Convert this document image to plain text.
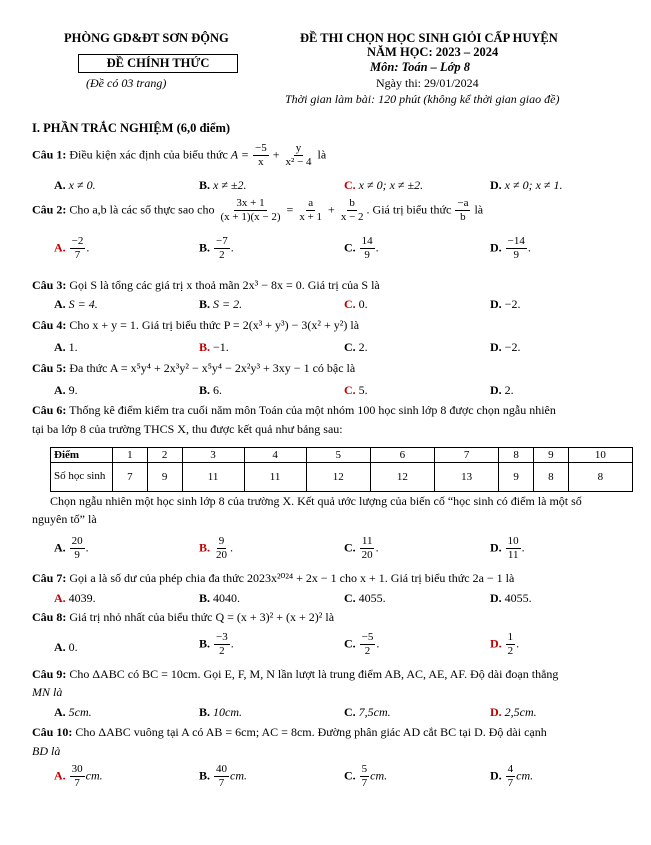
PHÒNG GD&ĐT SƠN ĐỘNG
ĐỀ CHÍNH THỨC
(Đề có 03 trang)
ĐỀ THI CHỌN HỌC SINH GIỎI CẤP HUYỆN
NĂM HỌC: 2023 – 2024
Môn: Toán – Lớp 8
Ngày thi: 29/01/2024
Thời gian làm bài: 120 phút (không kể thời gian giao đề)
I. PHẦN TRẮC NGHIỆM (6,0 điểm)
Câu 1: Điều kiện xác định của biểu thức $A = \frac{-5}{x} + \frac{y}{\text{x² − 4}}$ là
A. x ≠ 0.	B. x ≠ ±2.	C. x ≠ 0; x ≠ ±2.	D. x ≠ 0; x ≠ 1.
Câu 2: Cho a,b là các số thực sao cho $\frac{3x + 1}{(x + 1)(x - 2)} = \frac{a}{x + 1} + \frac{b}{x - 2}$ . Giá trị biểu thức $\frac{-a}{b}$ là
A. $\frac{-2}{7}$ .	B. $\frac{-7}{2}$ .	C. $\frac{14}{9}$ .	D. $\frac{-14}{9}$ .
Câu 3: Gọi S là tổng các giá trị x thoả mãn 2x³ − 8x = 0. Giá trị của S là
A. S = 4.	B. S = 2.	C. 0.	D. −2.
Câu 4: Cho x + y = 1. Giá trị biểu thức P = 2(x³ + y³) − 3(x² + y²) là
A. 1.	B. −1.	C. 2.	D. −2.
Câu 5: Đa thức A = x⁵y⁴ + 2x³y² − x⁵y⁴ − 2x²y³ + 3xy − 1 có bậc là
A. 9.	B. 6.	C. 5.	D. 2.
Câu 6: Thống kê điểm kiểm tra cuối năm môn Toán của một nhóm 100 học sinh lớp 8 được chọn ngẫu nhiên
tại ba lớp 8 của trường THCS X, thu được kết quả như bảng sau:
Điểm	1	2	3	4	5	6	7	8	9	10
Số học sinh	7	9	11	11	12	12	13	9	8	8
Chọn ngẫu nhiên một học sinh lớp 8 của trường X. Kết quả ước lượng của biến cố “học sinh có điểm là một số
nguyên tố” là
A. $\frac{20}{9}$ .	B. $\frac{9}{20}$ .	C. $\frac{11}{20}$ .	D. $\frac{10}{11}$ .
Câu 7: Gọi a là số dư của phép chia đa thức 2023x²⁰²⁴ + 2x − 1 cho x + 1. Giá trị biểu thức 2a − 1 là
A. 4039.	B. 4040.	C. 4055.	D. 4055.
Câu 8: Giá trị nhỏ nhất của biểu thức Q = (x + 3)² + (x + 2)² là
A. 0.	B. $\frac{-3}{2}$ .	C. $\frac{-5}{2}$ .	D. $\frac{1}{2}$ .
Câu 9: Cho ΔABC có BC = 10cm. Gọi E, F, M, N lần lượt là trung điểm AB, AC, AE, AF. Độ dài đoạn thẳng
MN là
A. 5cm.	B. 10cm.	C. 7,5cm.	D. 2,5cm.
Câu 10: Cho ΔABC vuông tại A có AB = 6cm; AC = 8cm. Đường phân giác AD cắt BC tại D. Độ dài cạnh
BD là
A. $\frac{30}{7}$ cm.	B. $\frac{40}{7}$ cm.	C. $\frac{5}{7}$ cm.	D. $\frac{4}{7}$ cm.
